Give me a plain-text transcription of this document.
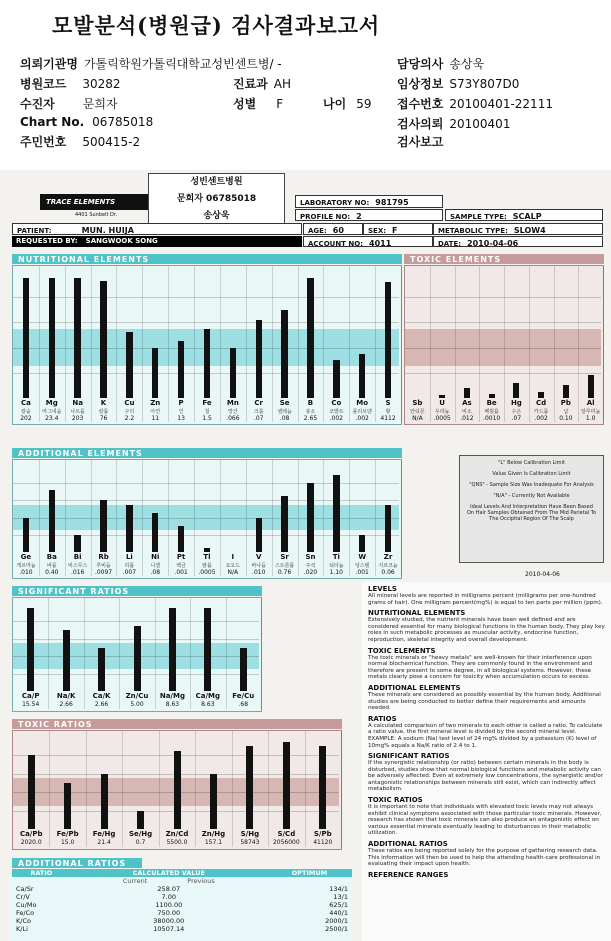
모발분석(병원급) 검사결과보고서
의뢰기관명 가톨릭학원가톨릭대학교성빈센트병/ -
병원코드 30282
수진자 문희자
Chart No. 06785018
주민번호 500415-2
진료과 AH
성별 F	나이 59
담당의사 송상욱
임상정보 S73Y807D0
접수번호 20100401-22111
검사의뢰 20100401
검사보고
TRACE ELEMENTS
4401 Sunbelt Dr.
성빈센트병원
문희자 06785018
송상욱
LABORATORY NO: 981795
PROFILE NO: 2	SAMPLE TYPE: SCALP
PATIENT:	MUN. HUIJA	AGE: 60	SEX: F	METABOLIC TYPE: SLOW4
REQUESTED BY: SANGWOOK SONG	ACCOUNT NO: 4011	DATE: 2010-04-06
NUTRITIONAL ELEMENTS
Ca
칼슘
202
Mg
마그네슘
23.4
Na
나트륨
203
K
칼륨
76
Cu
구리
2.2
Zn
아연
11
P
인
13
Fe
철
1.5
Mn
망간
.066
Cr
크롬
.07
Se
셀레늄
.08
B
붕소
2.65
Co
코발트
.002
Mo
몰리브덴
.002
S
황
4112
TOXIC ELEMENTS
Sb
안티몬
N/A
U
우라늄
.0005
As
비소
.012
Be
베릴륨
.0010
Hg
수은
.07
Cd
카드뮴
.002
Pb
납
0.10
Al
알루미늄
1.0
ADDITIONAL ELEMENTS
Ge
게르마늄
.010
Ba
바륨
0.40
Bi
비스무스
.016
Rb
루비듐
.0097
Li
리튬
.007
Ni
니켈
.08
Pt
백금
.001
Tl
탈륨
.0005
I
요오드
N/A
V
바나듐
.010
Sr
스트론튬
0.76
Sn
주석
.020
Ti
티타늄
1.10
W
텅스텐
.001
Zr
지르코늄
0.06
"L" Below Calibration Limit
Value Given Is Calibration Limit
"QNS" - Sample Size Was Inadequate For Analysis
"N/A" - Currently Not Available
Ideal Levels And Interpretation Have Been Based On Hair Samples Obtained From The Mid Parietal To The Occipital Region Of The Scalp
2010-04-06
SIGNIFICANT RATIOS
Ca/P
15.54
Na/K
2.66
Ca/K
2.66
Zn/Cu
5.00
Na/Mg
8.63
Ca/Mg
8.63
Fe/Cu
.68
TOXIC RATIOS
Ca/Pb
2020.0
Fe/Pb
15.0
Fe/Hg
21.4
Se/Hg
0.7
Zn/Cd
5500.0
Zn/Hg
157.1
S/Hg
58743
S/Cd
2056000
S/Pb
41120
ADDITIONAL RATIOS
RATIO	CALCULATED VALUE	OPTIMUM
	Current Previous	
Ca/Sr	258.07	134/1
Cr/V	7.00	13/1
Cu/Mo	1100.00	625/1
Fe/Co	750.00	440/1
K/Co	38000.00	2000/1
K/Li	10507.14	2500/1
LEVELS
All mineral levels are reported in milligrams percent (milligrams per one-hundred grams of hair). One milligram percent(mg%) is equal to ten parts per million (ppm).
NUTRITIONAL ELEMENTS
Extensively studied, the nutrient minerals have been well defined and are considered essential for many biological functions in the human body. They play key roles in such metabolic processes as muscular activity, endocrine function, reproduction, skeletal integrity and overall development.
TOXIC ELEMENTS
The toxic minerals or "heavy metals" are well-known for their interference upon normal biochemical function. They are commonly found in the environment and therefore are present to some degree, in all biological systems. However, these metals clearly pose a concern for toxicity when accumulation occurs to excess.
ADDITIONAL ELEMENTS
These minerals are considered as possibly essential by the human body. Additional studies are being conducted to better define their requirements and amounts needed.
RATIOS
A calculated comparison of two minerals to each other is called a ratio. To calculate a ratio value, the first mineral level is divided by the second mineral level. EXAMPLE: A sodium (Na) test level of 24 mg% divided by a potassium (K) level of 10mg% equals a Na/K ratio of 2.4 to 1.
SIGNIFICANT RATIOS
If the synergistic relationship (or ratio) between certain minerals in the body is disturbed, studies show that normal biological functions and metabolic activity can be adversely affected. Even at extremely low concentrations, the synergistic and/or antagonistic relationships between minerals still exist, which can indirectly affect metabolism.
TOXIC RATIOS
It is important to note that individuals with elevated toxic levels may not always exhibit clinical symptoms associated with those particular toxic minerals. However, research has shown that toxic minerals can also produce an antagonistic effect on various essential minerals eventually leading to disturbances in their metabolic utilization.
ADDITIONAL RATIOS
These ratios are being reported solely for the purpose of gathering research data. This information will then be used to help the attending health-care professional in evaluating their impact upon health.
REFERENCE RANGES
